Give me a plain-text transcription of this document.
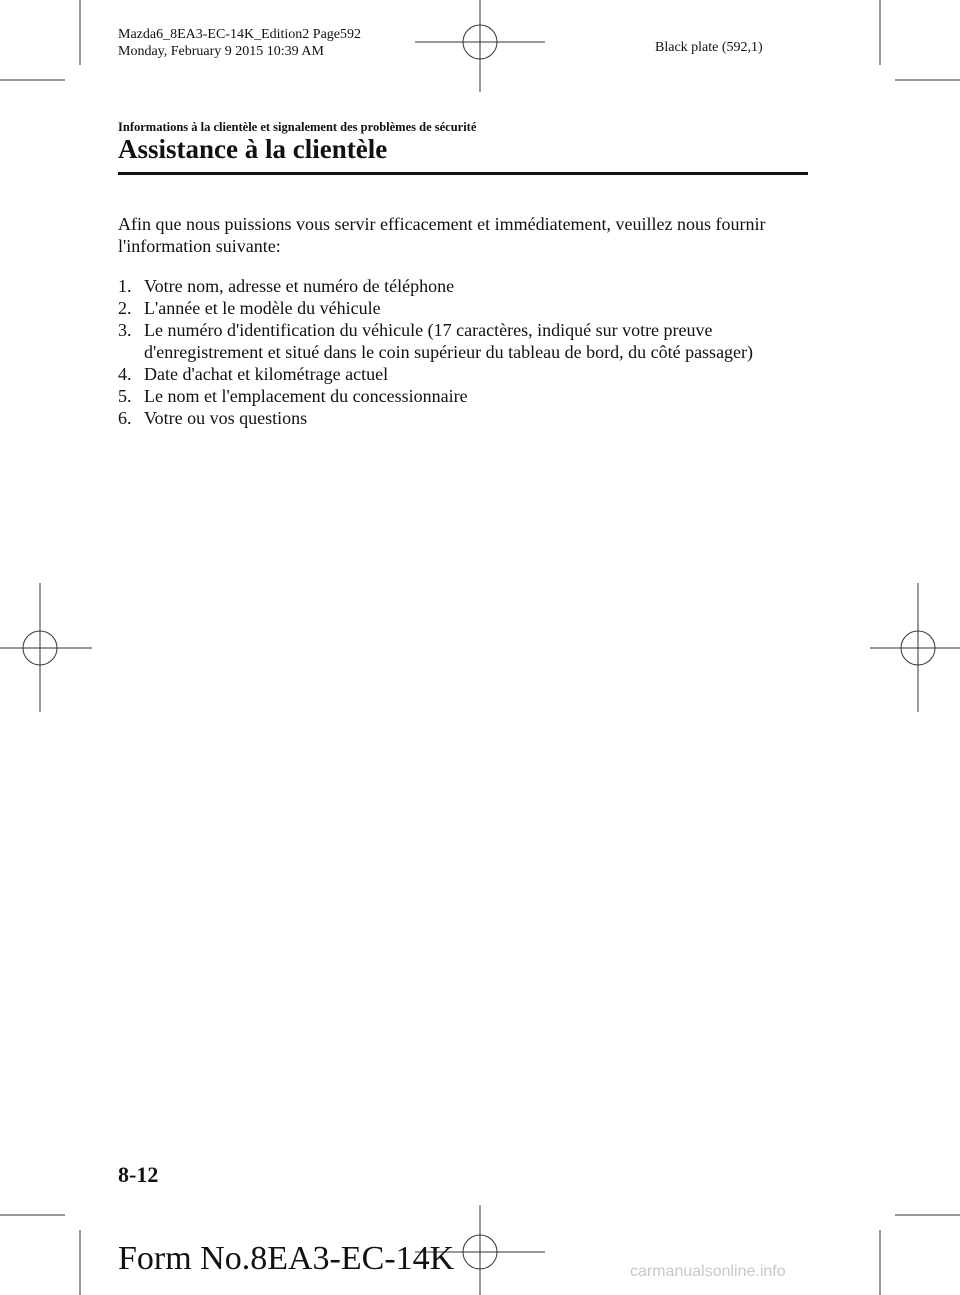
Mazda6_8EA3-EC-14K_Edition2 Page592
Monday, February 9 2015 10:39 AM	Black plate (592,1)
Informations à la clientèle et signalement des problèmes de sécurité
Assistance à la clientèle

Afin que nous puissions vous servir efficacement et immédiatement, veuillez nous fournir l'information suivante:

1. Votre nom, adresse et numéro de téléphone
2. L'année et le modèle du véhicule
3. Le numéro d'identification du véhicule (17 caractères, indiqué sur votre preuve d'enregistrement et situé dans le coin supérieur du tableau de bord, du côté passager)
4. Date d'achat et kilométrage actuel
5. Le nom et l'emplacement du concessionnaire
6. Votre ou vos questions
8-12
Form No.8EA3-EC-14K	carmanualsonline.info
